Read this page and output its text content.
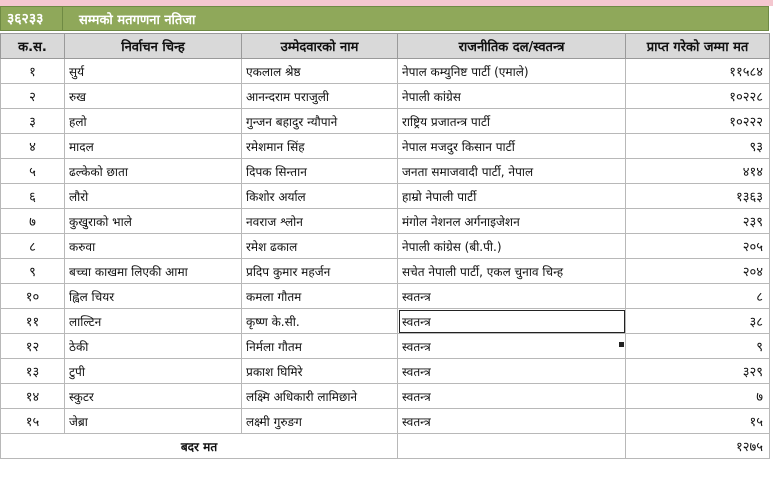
३६२३३	सम्मको मतगणना नतिजा
क.स.	निर्वाचन चिन्ह	उम्मेदवारको नाम	राजनीतिक दल/स्वतन्त्र	प्राप्त गरेको जम्मा मत
१	सुर्य	एकलाल श्रेष्ठ	नेपाल कम्युनिष्ट पार्टी (एमाले)	११५८४
२	रुख	आनन्दराम पराजुली	नेपाली कांग्रेस	१०२२८
३	हलो	गुन्जन बहादुर न्यौपाने	राष्ट्रिय प्रजातन्त्र पार्टी	१०२२२
४	मादल	रमेशमान सिंह	नेपाल मजदुर किसान पार्टी	९३
५	ढल्केको छाता	दिपक सिन्तान	जनता समाजवादी पार्टी, नेपाल	४१४
६	लौरो	किशोर अर्याल	हाम्रो नेपाली पार्टी	१३६३
७	कुखुराको भाले	नवराज श्लोन	मंगोल नेशनल अर्गनाइजेशन	२३९
८	करुवा	रमेश ढकाल	नेपाली कांग्रेस (बी.पी.)	२०५
९	बच्चा काखमा लिएकी आमा	प्रदिप कुमार महर्जन	सचेत नेपाली पार्टी, एकल चुनाव चिन्ह	२०४
१०	ह्विल चियर	कमला गौतम	स्वतन्त्र	८
११	लाल्टिन	कृष्ण के.सी.	स्वतन्त्र	३८
१२	ठेकी	निर्मला गौतम	स्वतन्त्र	९
१३	टुपी	प्रकाश घिमिरे	स्वतन्त्र	३२९
१४	स्कुटर	लक्ष्मि अधिकारी लामिछाने	स्वतन्त्र	७
१५	जेब्रा	लक्ष्मी गुरुङग	स्वतन्त्र	१५
बदर मत				१२७५
